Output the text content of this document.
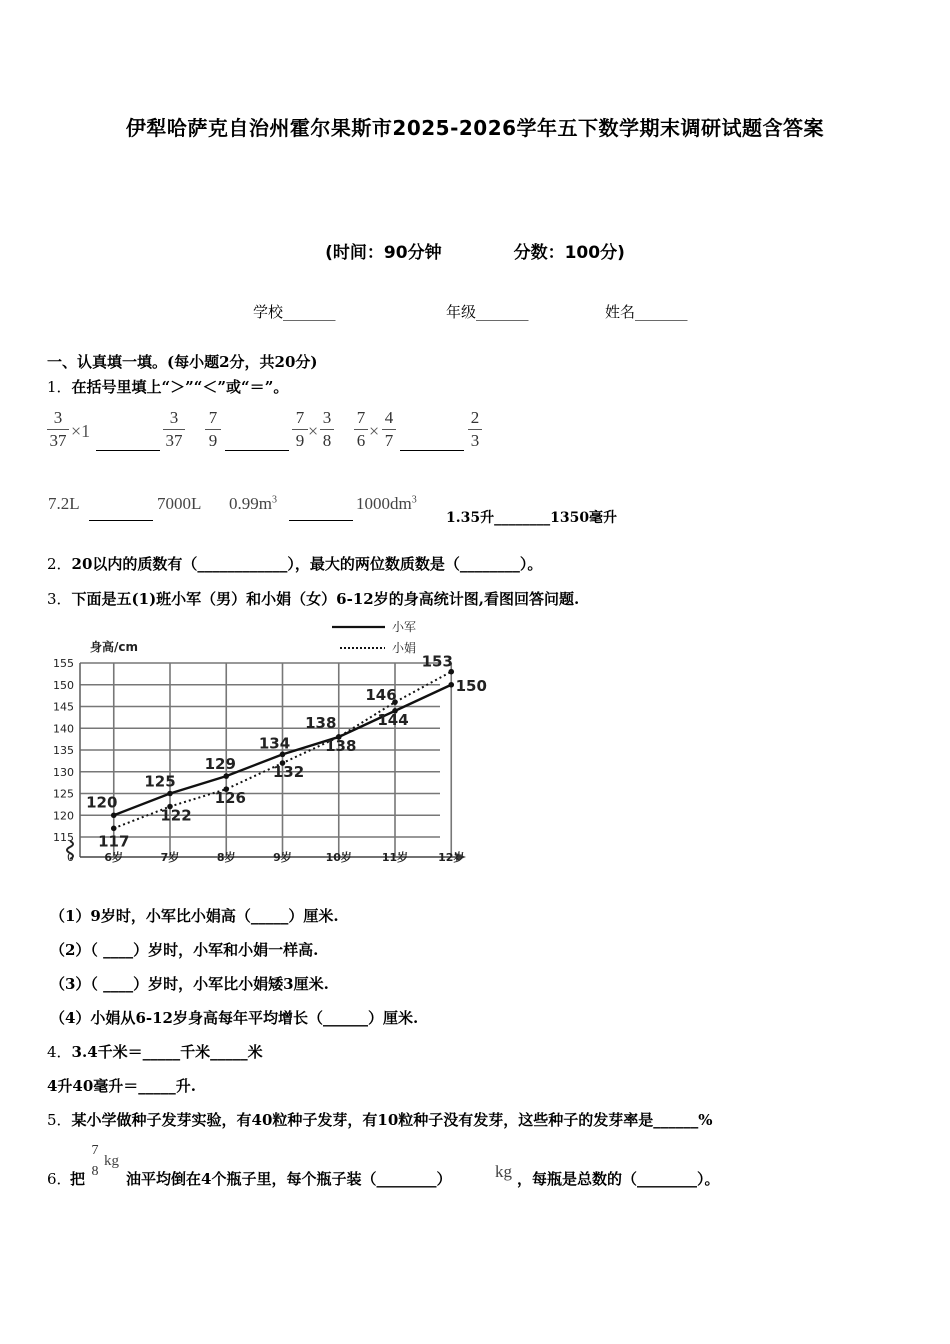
伊犁哈萨克自治州霍尔果斯市2025-2026学年五下数学期末调研试题含答案
(时间：90分钟	分数：100分)
学校_______	年级_______	姓名_______
一、认真填一填。(每小题2分，共20分)
1．在括号里填上“＞”“＜”或“＝”。
3
37 ×1
3
37
7
9
7
9 ×
3
8
7
6 ×
4
7
2
3
7.2L	7000L $0.99m^3$	$1000dm^3$
1.35升________1350毫升
2．20以内的质数有（____________），最大的两位数质数是（________）。
3．下面是五(1)班小军（男）和小娟（女）6-12岁的身高统计图,看图回答问题.
0
115
120
125
130
135
140
145
150
155
身高/cm
6岁	7岁	8岁	9岁	10岁	11岁	12岁
小军
小娟
120
125
129
134
138	144
150
117
122
126
132
138
146
153
（1）9岁时，小军比小娟高（_____）厘米.
（2）（ ____）岁时，小军和小娟一样高.
（3）（ ____）岁时，小军比小娟矮3厘米.
（4）小娟从6-12岁身高每年平均增长（______）厘米.
4．3.4千米＝_____千米_____米
4升40毫升＝_____升.
5．某小学做种子发芽实验，有40粒种子发芽，有10粒种子没有发芽，这些种子的发芽率是______%
6．
把
7
8
kg
油平均倒在4个瓶子里，每个瓶子装（________）	kg ，每瓶是总数的（________）。
